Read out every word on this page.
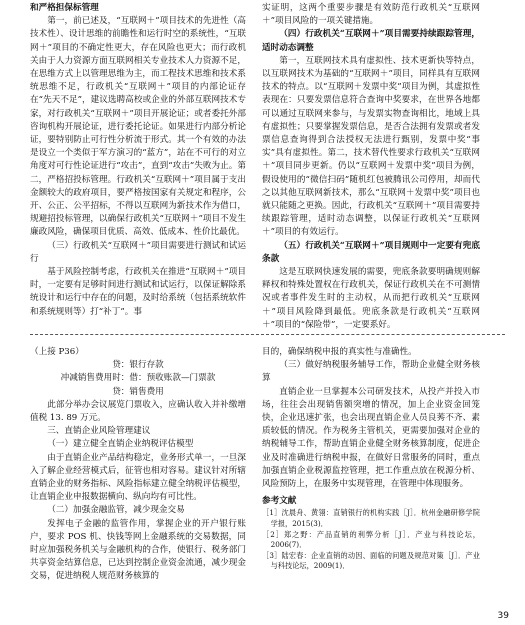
和严格担保标管理

第一，前已述及，“互联网＋”项目技术的先进性（高技术性）、设计思维的前瞻性和运行时空的系统性，“互联网＋”项目的不确定性更大，存在风险也更大；而行政机关由于人力资源方面互联网相关专业技术人力资源不足，在思维方式上以管理思维为主，而工程技术思维和技术系统思维不足，行政机关“互联网＋”项目的内部论证存在“先天不足”，建议选聘高校或企业的外部互联网技术专家，对行政机关“互联网＋”项目开展论证；或者委托外部咨询机构开展论证，进行委托论证。如果进行内部分析论证，要特别防止可行性分析流于形式。其一个有效的办法是设立一个类似于军方演习的“蓝方”，站在不可行的对立角度对可行性论证进行“攻击”，直到“攻击”失败为止。第二，严格招投标管理。行政机关“互联网＋”项目属于支出金额较大的政府项目，要严格按国家有关规定和程序，公开、公正、公平招标，不得以互联网为新技术作为借口，规避招投标管理，以确保行政机关“互联网＋”项目不发生廉政风险，确保项目优质、高效、低成本、性价比最优。

（三）行政机关“互联网＋”项目需要进行测试和试运行

基于风险控制考虑，行政机关在推进“互联网＋”项目时，一定要有足够时间进行测试和试运行，以保证解除系统设计和运行中存在的问题，及时给系统（包括系统软件和系统规则等）打“补丁”。事

实证明，这两个重要步骤是有效防范行政机关“互联网＋”项目风险的一项关键措施。

（四）行政机关“互联网＋”项目需要持续跟踪管理，适时动态调整

第一，互联网技术具有虚拟性、技术更新快等特点，以互联网技术为基础的“互联网＋”项目，同样具有互联网技术的特点。以“互联网＋发票中奖”项目为例，其虚拟性表现在：只要发票信息符合查询中奖要求，在世界各地都可以通过互联网来参与，与发票实物查询相比，地域上具有虚拟性；只要掌握发票信息，是否合法拥有发票或者发票信息查询得到合法授权无法进行甄别，发票中奖“事实”具有虚拟性。第二，技术替代性要求行政机关“互联网＋”项目同步更新。仍以“互联网＋发票中奖”项目为例，假设使用的“微信扫码”随机红包被腾讯公司停用，却而代之以其他互联网新技术，那么“互联网＋发票中奖”项目也就只能随之更换。因此，行政机关“互联网＋”项目需要持续跟踪管理，适时动态调整，以保证行政机关“互联网＋”项目的有效运行。

（五）行政机关“互联网＋”项目规则中一定要有兜底条款

这是互联网快速发展的需要，兜底条款要明确规则解释权和特殊处置权在行政机关，保证行政机关在不可测情况或者事件发生时的主动权，从而把行政机关“互联网＋”项目风险降到最低。兜底条款是行政机关“互联网＋”项目的“保险带”，一定要系好。

（上接 P36）

贷：银行存款

冲减销售费用时：借：预收账款—门票款

贷：销售费用

此部分举办会议展览门票收入，应确认收入并补缴增值税 13. 89 万元。

三、直销企业风险管理建议

（一）建立健全直销企业纳税评估模型

由于直销企业产品结构稳定，业务形式单一，一旦深入了解企业经营模式后，征管也相对容易。建议针对所辖直销企业的财务指标、风险指标建立健全纳税评估模型，让直销企业申报数据横向、纵向均有可比性。

（二）加强金融监管，减少现金交易

发挥电子金融的监管作用，掌握企业的开户银行账户，要求 POS 机、快钱等网上金融系统的交易数据，同时应加强税务机关与金融机构的合作，使银行、税务部门共享资金结算信息，已达到控制企业资金流通，减少现金交易，促进纳税人规范财务核算的

目的，确保纳税申报的真实性与准确性。

（三）做好纳税服务辅导工作，帮助企业健全财务核算

直销企业一旦掌握本公司研发技术，从投产并投入市场，往往会出现销售额突增的情况，加上企业资金回笼快，企业迅速扩张，也会出现直销企业人员良莠不齐、素质较低的情况。作为税务主管机关，更需要加强对企业的纳税辅导工作，帮助直销企业健全财务核算制度，促进企业及时准确进行纳税申报，在做好日常服务的同时，重点加强直销企业税源监控管理，把工作重点放在税源分析、风险预防上，在服务中实现管理，在管理中体现服务。

参考文献

［1］沈晨舟、黄翎：直销银行的机构实践［J］．杭州金融研修学院学报，2015(3)．

［2］郑之野：产品直销的利弊分析［J］．产业与科技论坛，2006(7)．

［3］陆宏春：企业直销的动因、面临的问题及规范对策［J］．产业与科技论坛，2009(1)．

39
